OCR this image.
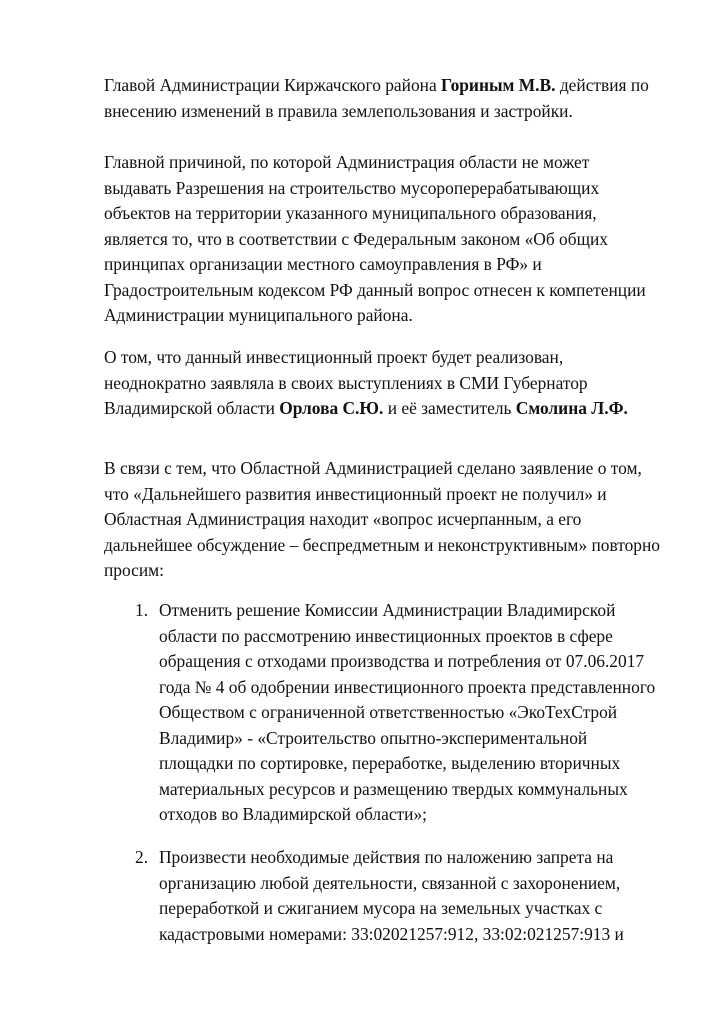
Главой Администрации Киржачского района Гориным М.В. действия по
внесению изменений в правила землепользования и застройки.
Главной причиной, по которой Администрация области не может
выдавать Разрешения на строительство мусороперерабатывающих
объектов на территории указанного муниципального образования,
является то, что в соответствии с Федеральным законом «Об общих
принципах организации местного самоуправления в РФ» и
Градостроительным кодексом РФ данный вопрос отнесен к компетенции
Администрации муниципального района.
О том, что данный инвестиционный проект будет реализован,
неоднократно заявляла в своих выступлениях в СМИ Губернатор
Владимирской области Орлова С.Ю. и её заместитель Смолина Л.Ф.
В связи с тем, что Областной Администрацией сделано заявление о том,
что «Дальнейшего развития инвестиционный проект не получил» и
Областная Администрация находит «вопрос исчерпанным, а его
дальнейшее обсуждение – беспредметным и неконструктивным» повторно
просим:
1. Отменить решение Комиссии Администрации Владимирской
области по рассмотрению инвестиционных проектов в сфере
обращения с отходами производства и потребления от 07.06.2017
года № 4 об одобрении инвестиционного проекта представленного
Обществом с ограниченной ответственностью «ЭкоТехСтрой
Владимир» - «Строительство опытно-экспериментальной
площадки по сортировке, переработке, выделению вторичных
материальных ресурсов и размещению твердых коммунальных
отходов во Владимирской области»;
2. Произвести необходимые действия по наложению запрета на
организацию любой деятельности, связанной с захоронением,
переработкой и сжиганием мусора на земельных участках с
кадастровыми номерами: 33:02021257:912, 33:02:021257:913 и
